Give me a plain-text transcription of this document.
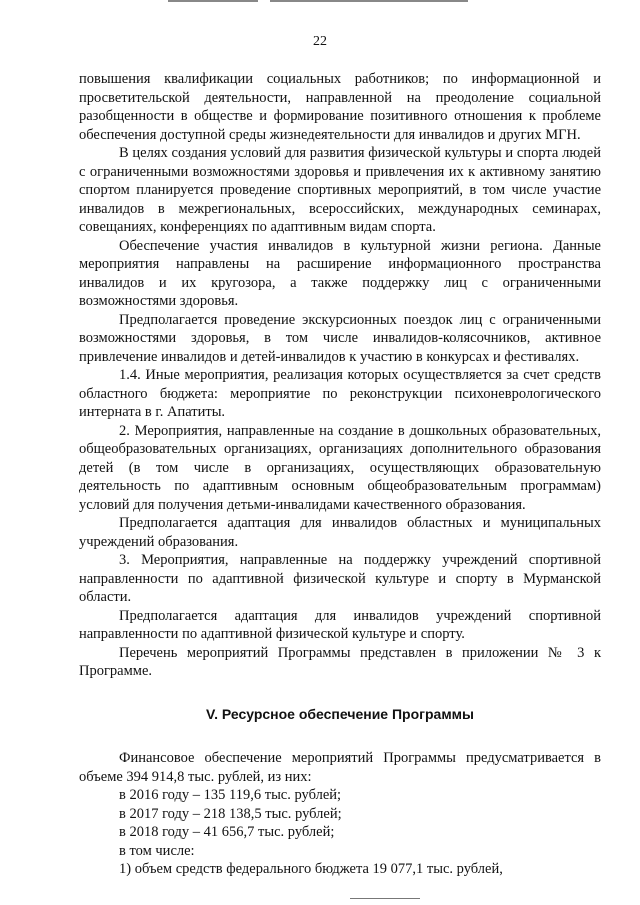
22

повышения квалификации социальных работников; по информационной и просветительской деятельности, направленной на преодоление социальной разобщенности в обществе и формирование позитивного отношения к проблеме обеспечения доступной среды жизнедеятельности для инвалидов и других МГН.

В целях создания условий для развития физической культуры и спорта людей с ограниченными возможностями здоровья и привлечения их к активному занятию спортом планируется проведение спортивных мероприятий, в том числе участие инвалидов в межрегиональных, всероссийских, международных семинарах, совещаниях, конференциях по адаптивным видам спорта.

Обеспечение участия инвалидов в культурной жизни региона. Данные мероприятия направлены на расширение информационного пространства инвалидов и их кругозора, а также поддержку лиц с ограниченными возможностями здоровья.

Предполагается проведение экскурсионных поездок лиц с ограниченными возможностями здоровья, в том числе инвалидов-колясочников, активное привлечение инвалидов и детей-инвалидов к участию в конкурсах и фестивалях.

1.4. Иные мероприятия, реализация которых осуществляется за счет средств областного бюджета: мероприятие по реконструкции психоневрологического интерната в г. Апатиты.

2. Мероприятия, направленные на создание в дошкольных образовательных, общеобразовательных организациях, организациях дополнительного образования детей (в том числе в организациях, осуществляющих образовательную деятельность по адаптивным основным общеобразовательным программам) условий для получения детьми-инвалидами качественного образования.

Предполагается адаптация для инвалидов областных и муниципальных учреждений образования.

3. Мероприятия, направленные на поддержку учреждений спортивной направленности по адаптивной физической культуре и спорту в Мурманской области.

Предполагается адаптация для инвалидов учреждений спортивной направленности по адаптивной физической культуре и спорту.

Перечень мероприятий Программы представлен в приложении № 3 к Программе.

V. Ресурсное обеспечение Программы

Финансовое обеспечение мероприятий Программы предусматривается в объеме 394 914,8 тыс. рублей, из них:

в 2016 году – 135 119,6 тыс. рублей;

в 2017 году – 218 138,5 тыс. рублей;

в 2018 году – 41 656,7 тыс. рублей;

в том числе:

1) объем средств федерального бюджета 19 077,1 тыс. рублей,
